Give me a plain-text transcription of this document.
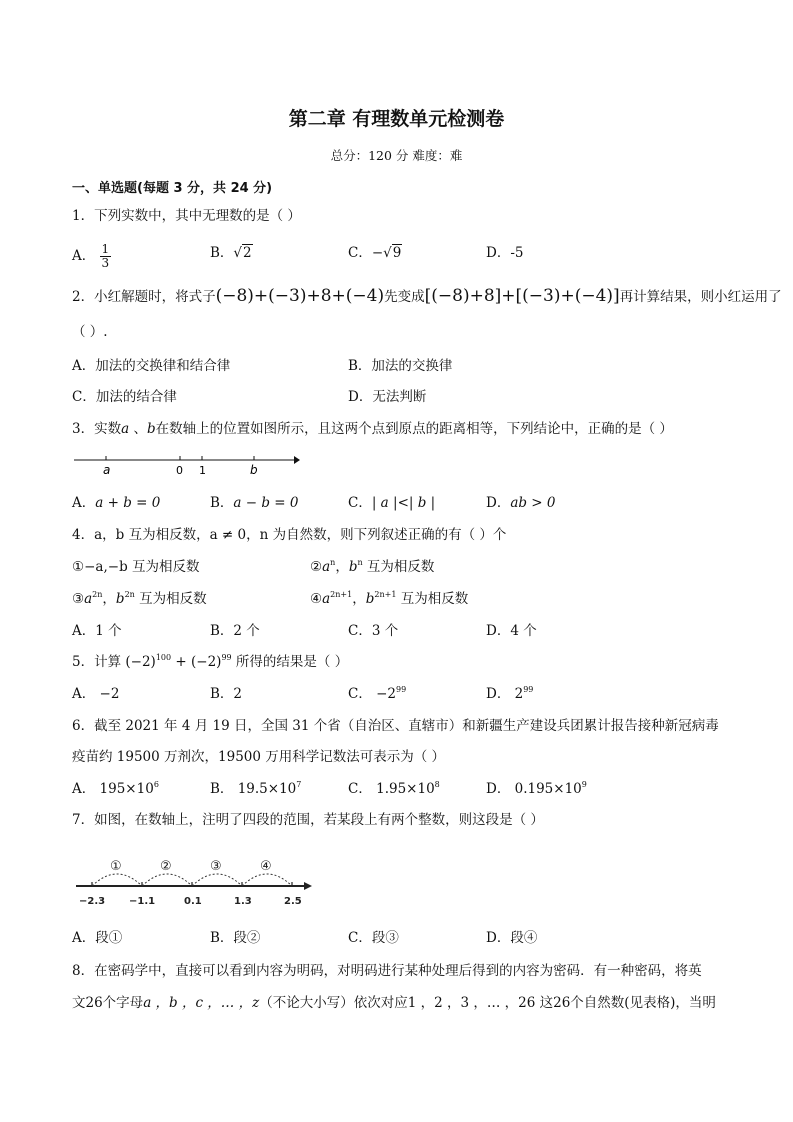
第二章 有理数单元检测卷
总分：120 分 难度：难
一、单选题(每题 3 分，共 24 分)
1．下列实数中，其中无理数的是（ ）
A． $\frac{1}{3}$	B．√2	C．−√9	D．-5
2．小红解题时，将式子(−8)+(−3)+8+(−4)先变成[(−8)+8]+[(−3)+(−4)]再计算结果，则小红运用了
（ ）.
A．加法的交换律和结合律	B．加法的交换律
C．加法的结合律	D．无法判断
3．实数a 、b在数轴上的位置如图所示，且这两个点到原点的距离相等，下列结论中，正确的是（ ）
a	0 1	b
A．a + b = 0	B．a − b = 0	C．| a |<| b |	D．ab > 0
4．a，b 互为相反数，a ≠ 0，n 为自然数，则下列叙述正确的有（ ）个
①−a,−b 互为相反数	$②a^n$，$b^n$ 互为相反数
$③a^{2n}$，$b^{2n}$ 互为相反数	$④a^{2n+1}$，$b^{2n+1}$ 互为相反数
A．1 个	B．2 个	C．3 个	D．4 个
5．计算 $(-2)^{100} + (-2)^{99}$ 所得的结果是（ ）
A． −2	B．2	C． $-2^{99}$	D． $2^{99}$
6．截至 2021 年 4 月 19 日，全国 31 个省（自治区、直辖市）和新疆生产建设兵团累计报告接种新冠病毒
疫苗约 19500 万剂次，19500 万用科学记数法可表示为（ ）
A． $195\times 10^6$	B． $19.5\times 10^7$	C． $1.95\times 10^8$	D． $0.195\times 10^9$
7．如图，在数轴上，注明了四段的范围，若某段上有两个整数，则这段是（ ）
①	②	③	④
−2.3 −1.1	0.1	1.3	2.5
A．段①	B．段②	C．段③	D．段④
8．在密码学中，直接可以看到内容为明码，对明码进行某种处理后得到的内容为密码．有一种密码，将英
文26个字母a ，b ，c ，… ，z（不论大小写）依次对应1 ，2 ，3 ，… ，26 这26个自然数(见表格)，当明
